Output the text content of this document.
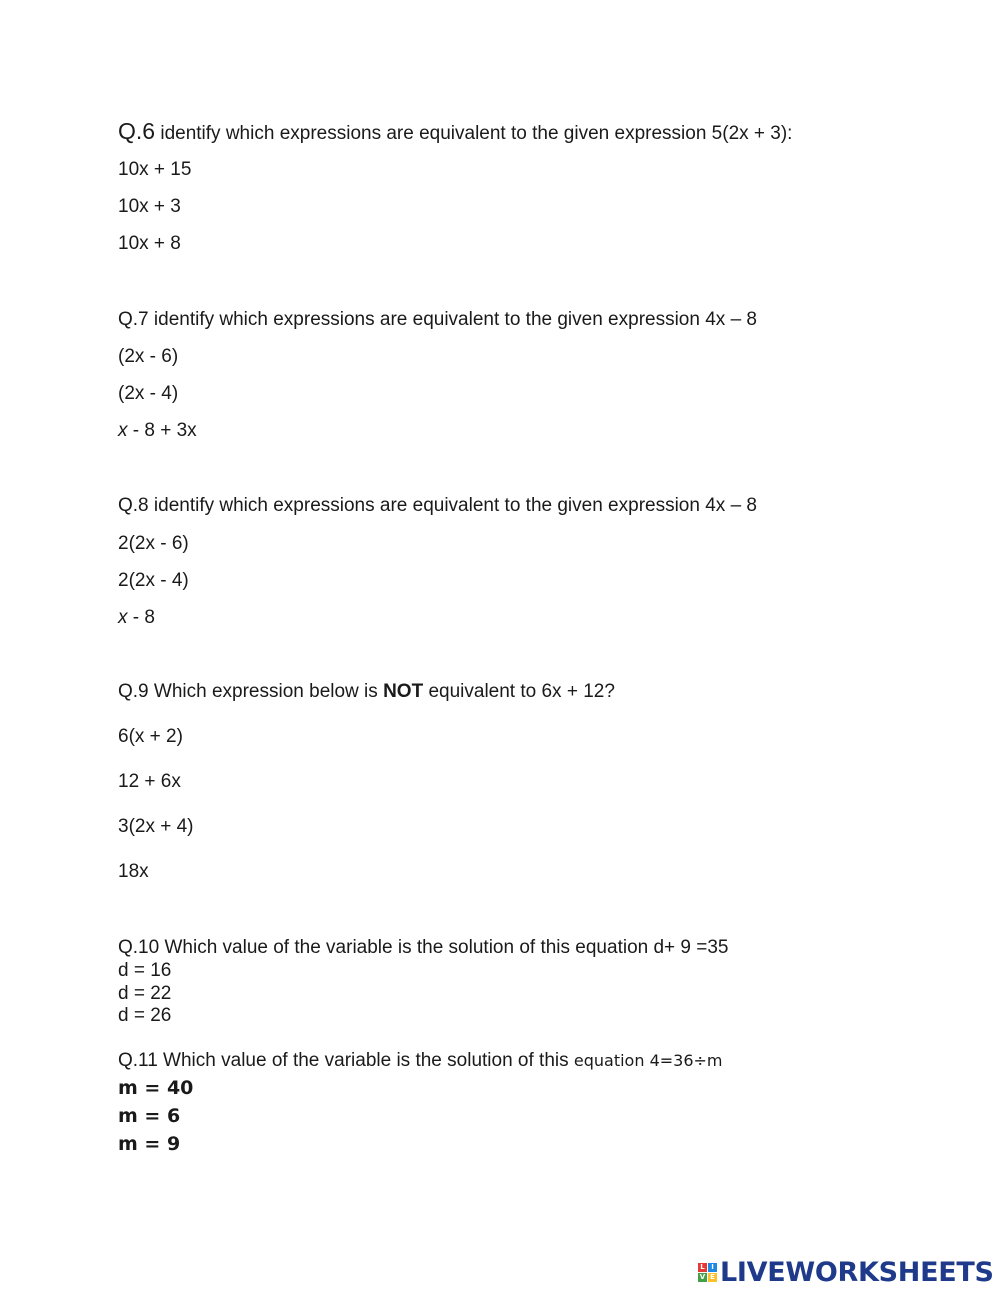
Q.6 identify which expressions are equivalent to the given expression 5(2x + 3):
10x + 15
10x + 3
10x + 8
Q.7 identify which expressions are equivalent to the given expression 4x – 8
(2x - 6)
(2x - 4)
x - 8 + 3x
Q.8 identify which expressions are equivalent to the given expression 4x – 8
2(2x - 6)
2(2x - 4)
x - 8
Q.9 Which expression below is NOT equivalent to 6x + 12?
6(x + 2)
12 + 6x
3(2x + 4)
18x
Q.10 Which value of the variable is the solution of this equation d+ 9 =35
d = 16
d = 22
d = 26
Q.11 Which value of the variable is the solution of this equation 4=36÷m
m = 40
m = 6
m = 9
L I
V E LIVEWORKSHEETS
